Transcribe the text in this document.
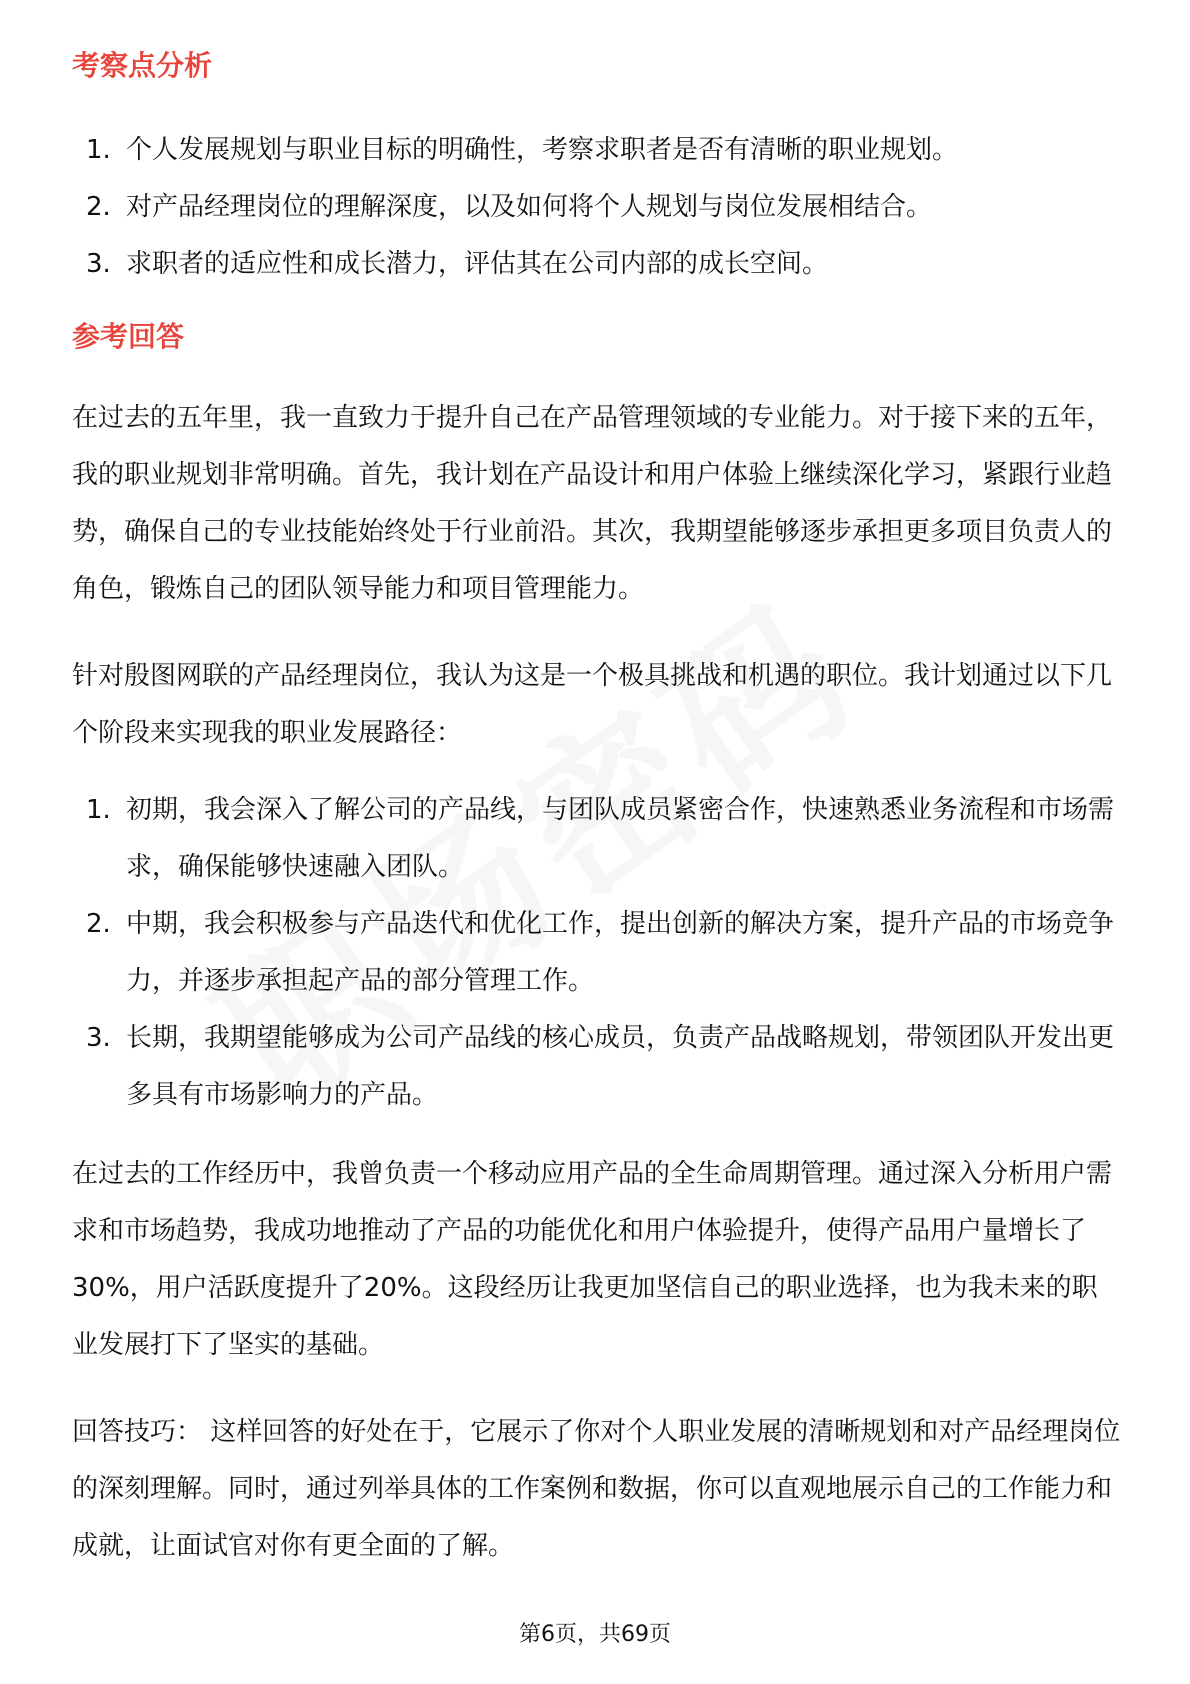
考察点分析
1. 个人发展规划与职业目标的明确性，考察求职者是否有清晰的职业规划。
2. 对产品经理岗位的理解深度，以及如何将个人规划与岗位发展相结合。
3. 求职者的适应性和成长潜力，评估其在公司内部的成长空间。
参考回答

在过去的五年里，我一直致力于提升自己在产品管理领域的专业能力。对于接下来的五年，我的职业规划非常明确。首先，我计划在产品设计和用户体验上继续深化学习，紧跟行业趋势，确保自己的专业技能始终处于行业前沿。其次，我期望能够逐步承担更多项目负责人的角色，锻炼自己的团队领导能力和项目管理能力。

针对殷图网联的产品经理岗位，我认为这是一个极具挑战和机遇的职位。我计划通过以下几个阶段来实现我的职业发展路径：

1. 初期，我会深入了解公司的产品线，与团队成员紧密合作，快速熟悉业务流程和市场需求，确保能够快速融入团队。
2. 中期，我会积极参与产品迭代和优化工作，提出创新的解决方案，提升产品的市场竞争力，并逐步承担起产品的部分管理工作。
3. 长期，我期望能够成为公司产品线的核心成员，负责产品战略规划，带领团队开发出更多具有市场影响力的产品。

在过去的工作经历中，我曾负责一个移动应用产品的全生命周期管理。通过深入分析用户需求和市场趋势，我成功地推动了产品的功能优化和用户体验提升，使得产品用户量增长了30%，用户活跃度提升了20%。这段经历让我更加坚信自己的职业选择，也为我未来的职业发展打下了坚实的基础。

回答技巧： 这样回答的好处在于，它展示了你对个人职业发展的清晰规划和对产品经理岗位的深刻理解。同时，通过列举具体的工作案例和数据，你可以直观地展示自己的工作能力和成就，让面试官对你有更全面的了解。

第6页，共69页
